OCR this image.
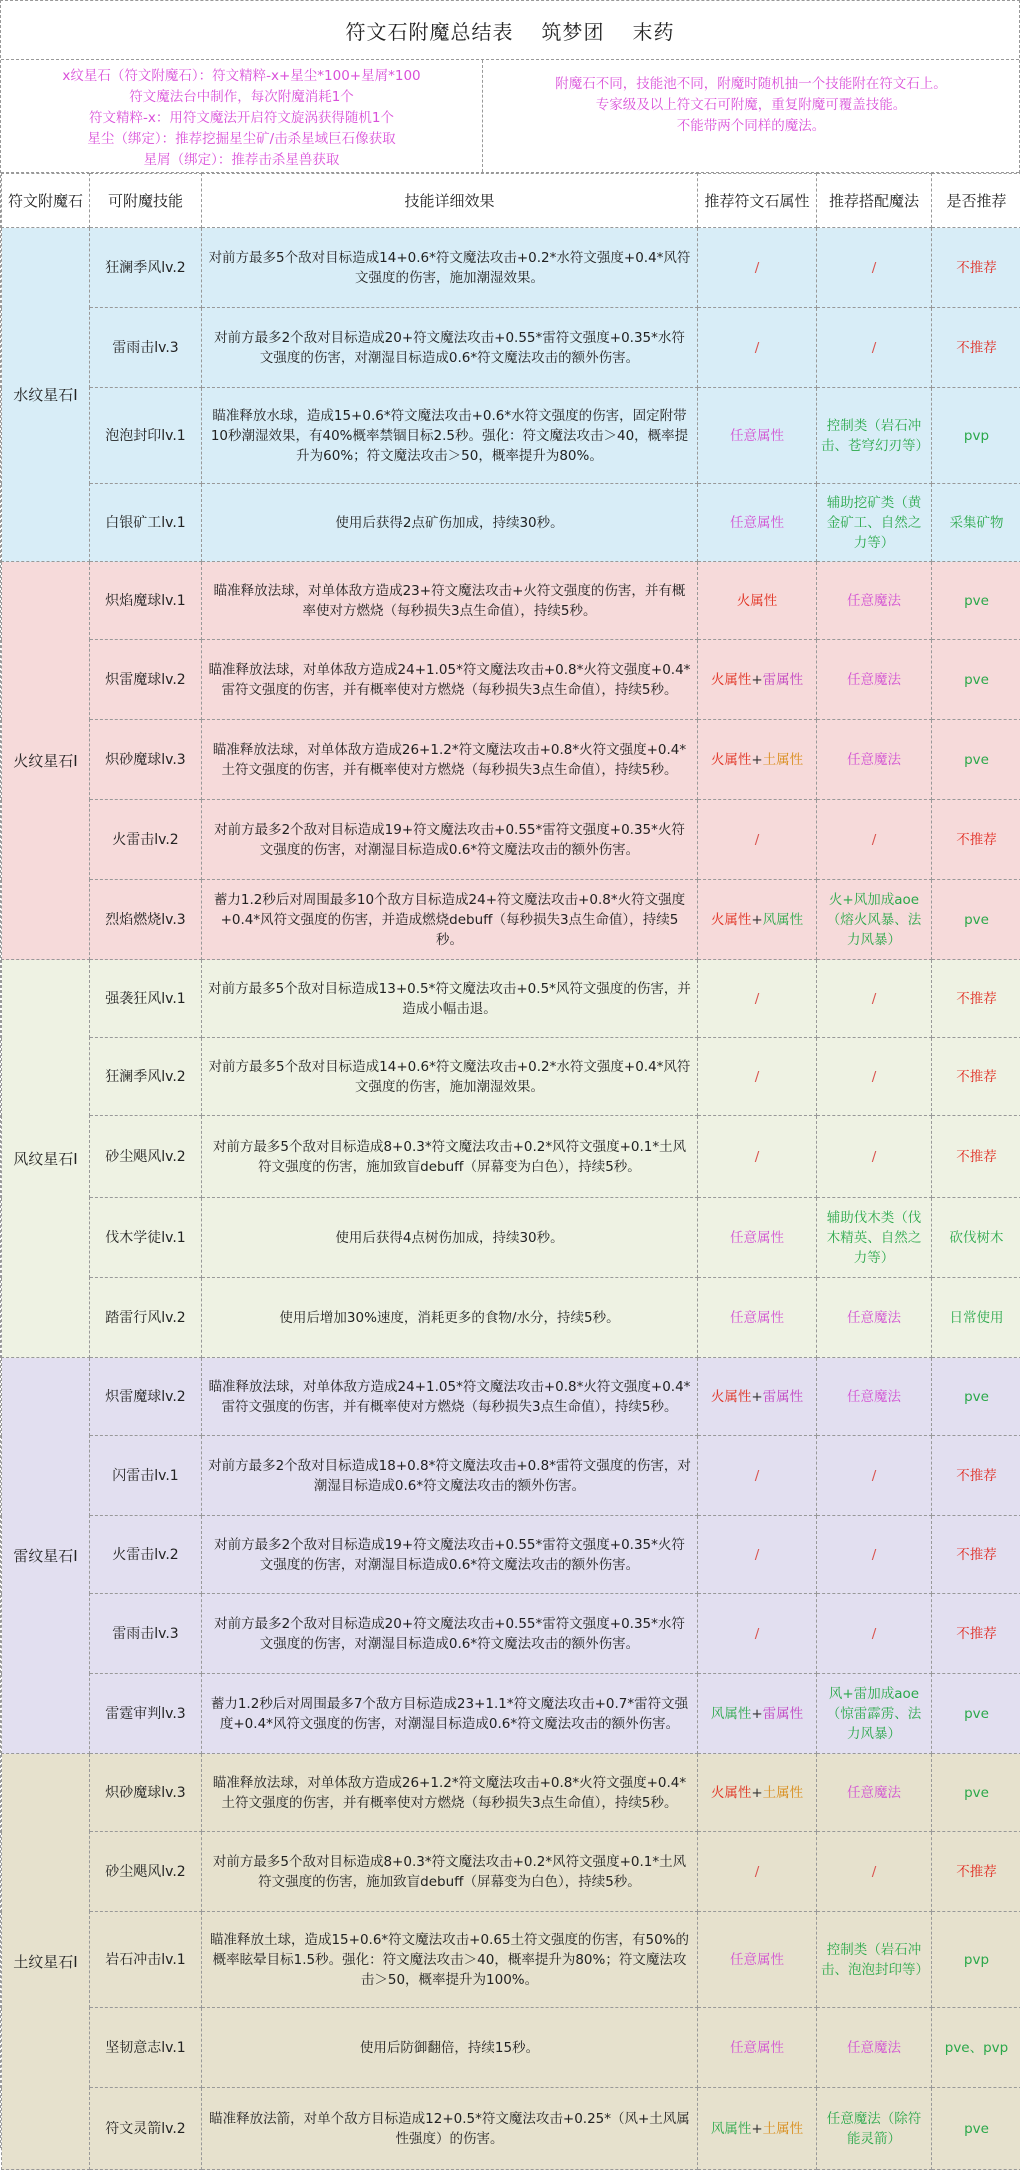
符文石附魔总结表 筑梦团 末药
x纹星石（符文附魔石）：符文精粹-x+星尘*100+星屑*100
符文魔法台中制作，每次附魔消耗1个
符文精粹-x：用符文魔法开启符文旋涡获得随机1个
星尘（绑定）：推荐挖掘星尘矿/击杀星域巨石像获取
星屑（绑定）：推荐击杀星兽获取
附魔石不同，技能池不同，附魔时随机抽一个技能附在符文石上。
专家级及以上符文石可附魔，重复附魔可覆盖技能。
不能带两个同样的魔法。
符文附魔石	可附魔技能	技能详细效果	推荐符文石属性	推荐搭配魔法	是否推荐
水纹星石Ⅰ	狂澜季风lv.2	对前方最多5个敌对目标造成14+0.6*符文魔法攻击+0.2*水符文强度+0.4*风符文强度的伤害，施加潮湿效果。	/	/	不推荐
	雷雨击lv.3	对前方最多2个敌对目标造成20+符文魔法攻击+0.55*雷符文强度+0.35*水符文强度的伤害，对潮湿目标造成0.6*符文魔法攻击的额外伤害。	/	/	不推荐
	泡泡封印lv.1	瞄准释放水球，造成15+0.6*符文魔法攻击+0.6*水符文强度的伤害，固定附带10秒潮湿效果，有40%概率禁锢目标2.5秒。强化：符文魔法攻击＞40，概率提升为60%；符文魔法攻击＞50，概率提升为80%。	任意属性	控制类（岩石冲击、苍穹幻刃等）	pvp
	白银矿工lv.1	使用后获得2点矿伤加成，持续30秒。	任意属性	辅助挖矿类（黄金矿工、自然之力等）	采集矿物
火纹星石Ⅰ	炽焰魔球lv.1	瞄准释放法球，对单体敌方造成23+符文魔法攻击+火符文强度的伤害，并有概率使对方燃烧（每秒损失3点生命值），持续5秒。	火属性	任意魔法	pve
	炽雷魔球lv.2	瞄准释放法球，对单体敌方造成24+1.05*符文魔法攻击+0.8*火符文强度+0.4*雷符文强度的伤害，并有概率使对方燃烧（每秒损失3点生命值），持续5秒。	火属性+雷属性	任意魔法	pve
	炽砂魔球lv.3	瞄准释放法球，对单体敌方造成26+1.2*符文魔法攻击+0.8*火符文强度+0.4*土符文强度的伤害，并有概率使对方燃烧（每秒损失3点生命值），持续5秒。	火属性+土属性	任意魔法	pve
	火雷击lv.2	对前方最多2个敌对目标造成19+符文魔法攻击+0.55*雷符文强度+0.35*火符文强度的伤害，对潮湿目标造成0.6*符文魔法攻击的额外伤害。	/	/	不推荐
	烈焰燃烧lv.3	蓄力1.2秒后对周围最多10个敌方目标造成24+符文魔法攻击+0.8*火符文强度+0.4*风符文强度的伤害，并造成燃烧debuff（每秒损失3点生命值），持续5秒。	火属性+风属性	火+风加成aoe（熔火风暴、法力风暴）	pve
风纹星石Ⅰ	强袭狂风lv.1	对前方最多5个敌对目标造成13+0.5*符文魔法攻击+0.5*风符文强度的伤害，并造成小幅击退。	/	/	不推荐
	狂澜季风lv.2	对前方最多5个敌对目标造成14+0.6*符文魔法攻击+0.2*水符文强度+0.4*风符文强度的伤害，施加潮湿效果。	/	/	不推荐
	砂尘飓风lv.2	对前方最多5个敌对目标造成8+0.3*符文魔法攻击+0.2*风符文强度+0.1*土风符文强度的伤害，施加致盲debuff（屏幕变为白色），持续5秒。	/	/	不推荐
	伐木学徒lv.1	使用后获得4点树伤加成，持续30秒。	任意属性	辅助伐木类（伐木精英、自然之力等）	砍伐树木
	踏雷行风lv.2	使用后增加30%速度，消耗更多的食物/水分，持续5秒。	任意属性	任意魔法	日常使用
雷纹星石Ⅰ	炽雷魔球lv.2	瞄准释放法球，对单体敌方造成24+1.05*符文魔法攻击+0.8*火符文强度+0.4*雷符文强度的伤害，并有概率使对方燃烧（每秒损失3点生命值），持续5秒。	火属性+雷属性	任意魔法	pve
	闪雷击lv.1	对前方最多2个敌对目标造成18+0.8*符文魔法攻击+0.8*雷符文强度的伤害，对潮湿目标造成0.6*符文魔法攻击的额外伤害。	/	/	不推荐
	火雷击lv.2	对前方最多2个敌对目标造成19+符文魔法攻击+0.55*雷符文强度+0.35*火符文强度的伤害，对潮湿目标造成0.6*符文魔法攻击的额外伤害。	/	/	不推荐
	雷雨击lv.3	对前方最多2个敌对目标造成20+符文魔法攻击+0.55*雷符文强度+0.35*水符文强度的伤害，对潮湿目标造成0.6*符文魔法攻击的额外伤害。	/	/	不推荐
	雷霆审判lv.3	蓄力1.2秒后对周围最多7个敌方目标造成23+1.1*符文魔法攻击+0.7*雷符文强度+0.4*风符文强度的伤害，对潮湿目标造成0.6*符文魔法攻击的额外伤害。	风属性+雷属性	风+雷加成aoe（惊雷霹雳、法力风暴）	pve
土纹星石Ⅰ	炽砂魔球lv.3	瞄准释放法球，对单体敌方造成26+1.2*符文魔法攻击+0.8*火符文强度+0.4*土符文强度的伤害，并有概率使对方燃烧（每秒损失3点生命值），持续5秒。	火属性+土属性	任意魔法	pve
	砂尘飓风lv.2	对前方最多5个敌对目标造成8+0.3*符文魔法攻击+0.2*风符文强度+0.1*土风符文强度的伤害，施加致盲debuff（屏幕变为白色），持续5秒。	/	/	不推荐
	岩石冲击lv.1	瞄准释放土球，造成15+0.6*符文魔法攻击+0.65土符文强度的伤害，有50%的概率眩晕目标1.5秒。强化：符文魔法攻击＞40，概率提升为80%；符文魔法攻击＞50，概率提升为100%。	任意属性	控制类（岩石冲击、泡泡封印等）	pvp
	坚韧意志lv.1	使用后防御翻倍，持续15秒。	任意属性	任意魔法	pve、pvp
	符文灵箭lv.2	瞄准释放法箭，对单个敌方目标造成12+0.5*符文魔法攻击+0.25*（风+土风属性强度）的伤害。	风属性+土属性	任意魔法（除符能灵箭）	pve
